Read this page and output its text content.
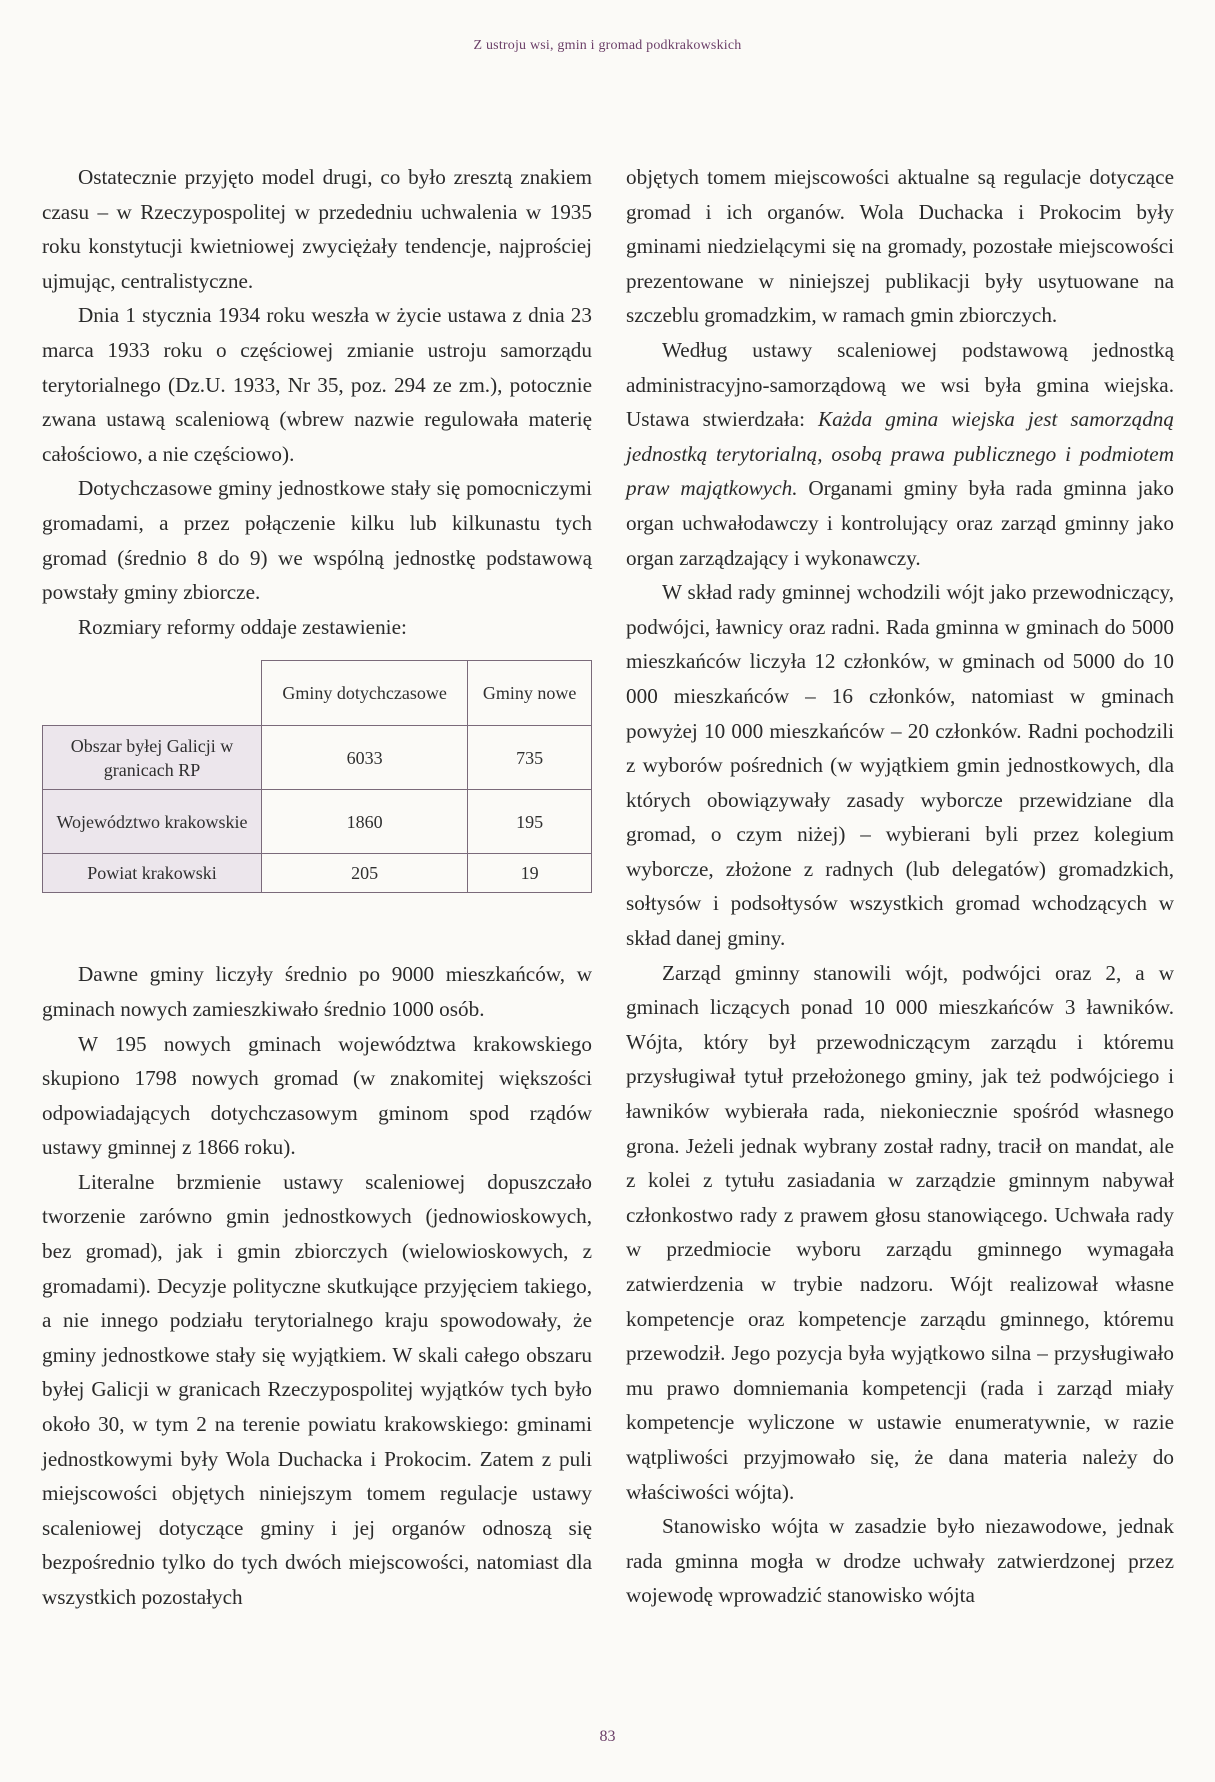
Z ustroju wsi, gmin i gromad podkrakowskich

Ostatecznie przyjęto model drugi, co było zresztą znakiem czasu – w Rzeczypospolitej w przededniu uchwalenia w 1935 roku konstytucji kwietniowej zwyciężały tendencje, najprościej ujmując, centralistyczne.

Dnia 1 stycznia 1934 roku weszła w życie ustawa z dnia 23 marca 1933 roku o częściowej zmianie ustroju samorządu terytorialnego (Dz.U. 1933, Nr 35, poz. 294 ze zm.), potocznie zwana ustawą scaleniową (wbrew nazwie regulowała materię całościowo, a nie częściowo).

Dotychczasowe gminy jednostkowe stały się pomocniczymi gromadami, a przez połączenie kilku lub kilkunastu tych gromad (średnio 8 do 9) we wspólną jednostkę podstawową powstały gminy zbiorcze.

Rozmiary reformy oddaje zestawienie:

	Gminy dotychczasowe	Gminy nowe
Obszar byłej Galicji w granicach RP	6033	735
Województwo krakowskie	1860	195
Powiat krakowski	205	19

Dawne gminy liczyły średnio po 9000 mieszkańców, w gminach nowych zamieszkiwało średnio 1000 osób.

W 195 nowych gminach województwa krakowskiego skupiono 1798 nowych gromad (w znakomitej większości odpowiadających dotychczasowym gminom spod rządów ustawy gminnej z 1866 roku).

Literalne brzmienie ustawy scaleniowej dopuszczało tworzenie zarówno gmin jednostkowych (jednowioskowych, bez gromad), jak i gmin zbiorczych (wielowioskowych, z gromadami). Decyzje polityczne skutkujące przyjęciem takiego, a nie innego podziału terytorialnego kraju spowodowały, że gminy jednostkowe stały się wyjątkiem. W skali całego obszaru byłej Galicji w granicach Rzeczypospolitej wyjątków tych było około 30, w tym 2 na terenie powiatu krakowskiego: gminami jednostkowymi były Wola Duchacka i Prokocim. Zatem z puli miejscowości objętych niniejszym tomem regulacje ustawy scaleniowej dotyczące gminy i jej organów odnoszą się bezpośrednio tylko do tych dwóch miejscowości, natomiast dla wszystkich pozostałych

objętych tomem miejscowości aktualne są regulacje dotyczące gromad i ich organów. Wola Duchacka i Prokocim były gminami niedzielącymi się na gromady, pozostałe miejscowości prezentowane w niniejszej publikacji były usytuowane na szczeblu gromadzkim, w ramach gmin zbiorczych.

Według ustawy scaleniowej podstawową jednostką administracyjno-samorządową we wsi była gmina wiejska. Ustawa stwierdzała: Każda gmina wiejska jest samorządną jednostką terytorialną, osobą prawa publicznego i podmiotem praw majątkowych. Organami gminy była rada gminna jako organ uchwałodawczy i kontrolujący oraz zarząd gminny jako organ zarządzający i wykonawczy.

W skład rady gminnej wchodzili wójt jako przewodniczący, podwójci, ławnicy oraz radni. Rada gminna w gminach do 5000 mieszkańców liczyła 12 członków, w gminach od 5000 do 10 000 mieszkańców – 16 członków, natomiast w gminach powyżej 10 000 mieszkańców – 20 członków. Radni pochodzili z wyborów pośrednich (w wyjątkiem gmin jednostkowych, dla których obowiązywały zasady wyborcze przewidziane dla gromad, o czym niżej) – wybierani byli przez kolegium wyborcze, złożone z radnych (lub delegatów) gromadzkich, sołtysów i podsołtysów wszystkich gromad wchodzących w skład danej gminy.

Zarząd gminny stanowili wójt, podwójci oraz 2, a w gminach liczących ponad 10 000 mieszkańców 3 ławników. Wójta, który był przewodniczącym zarządu i któremu przysługiwał tytuł przełożonego gminy, jak też podwójciego i ławników wybierała rada, niekoniecznie spośród własnego grona. Jeżeli jednak wybrany został radny, tracił on mandat, ale z kolei z tytułu zasiadania w zarządzie gminnym nabywał członkostwo rady z prawem głosu stanowiącego. Uchwała rady w przedmiocie wyboru zarządu gminnego wymagała zatwierdzenia w trybie nadzoru. Wójt realizował własne kompetencje oraz kompetencje zarządu gminnego, któremu przewodził. Jego pozycja była wyjątkowo silna – przysługiwało mu prawo domniemania kompetencji (rada i zarząd miały kompetencje wyliczone w ustawie enumeratywnie, w razie wątpliwości przyjmowało się, że dana materia należy do właściwości wójta).

Stanowisko wójta w zasadzie było niezawodowe, jednak rada gminna mogła w drodze uchwały zatwierdzonej przez wojewodę wprowadzić stanowisko wójta

83
